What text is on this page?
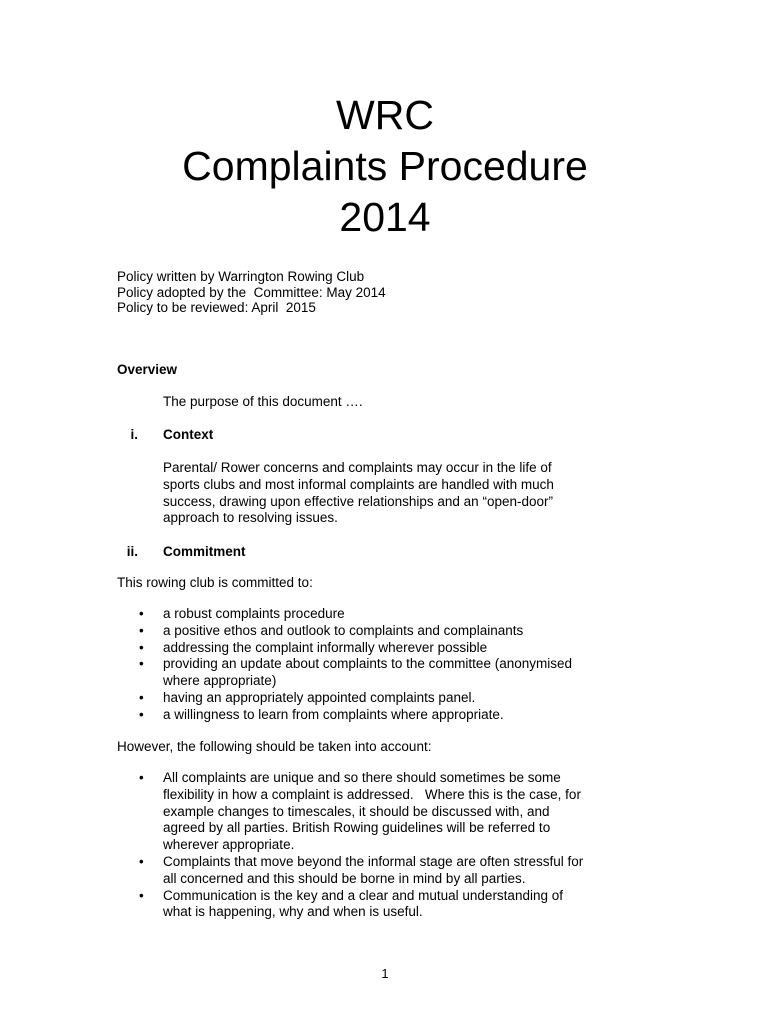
WRC
Complaints Procedure
2014
Policy written by Warrington Rowing Club
Policy adopted by the  Committee: May 2014
Policy to be reviewed: April  2015
Overview
The purpose of this document ….
i. Context
Parental/ Rower concerns and complaints may occur in the life of
sports clubs and most informal complaints are handled with much
success, drawing upon effective relationships and an “open-door”
approach to resolving issues.
ii. Commitment
This rowing club is committed to:
• a robust complaints procedure
• a positive ethos and outlook to complaints and complainants
• addressing the complaint informally wherever possible
• providing an update about complaints to the committee (anonymised
where appropriate)
• having an appropriately appointed complaints panel.
• a willingness to learn from complaints where appropriate.
However, the following should be taken into account:
• All complaints are unique and so there should sometimes be some
flexibility in how a complaint is addressed.   Where this is the case, for
example changes to timescales, it should be discussed with, and
agreed by all parties. British Rowing guidelines will be referred to
wherever appropriate.
• Complaints that move beyond the informal stage are often stressful for
all concerned and this should be borne in mind by all parties.
• Communication is the key and a clear and mutual understanding of
what is happening, why and when is useful.
1
